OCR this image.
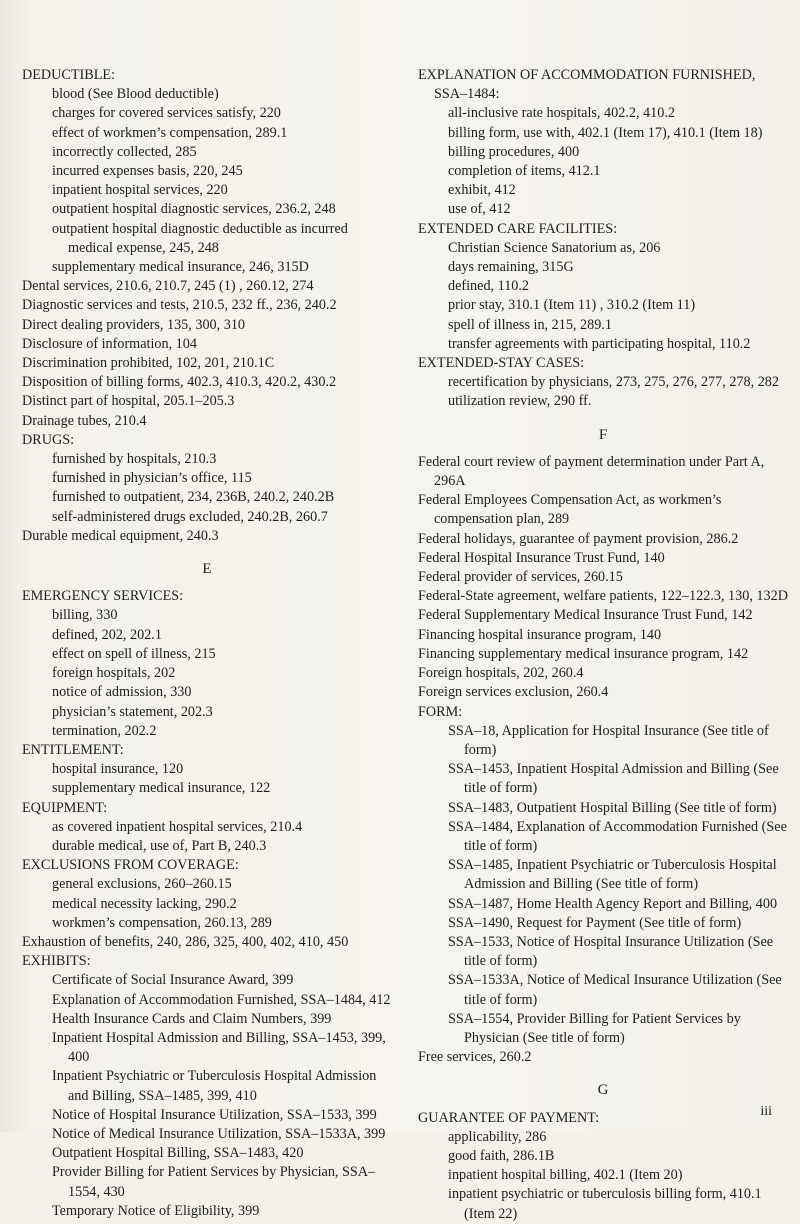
DEDUCTIBLE:
blood (See Blood deductible)
charges for covered services satisfy, 220
effect of workmen’s compensation, 289.1
incorrectly collected, 285
incurred expenses basis, 220, 245
inpatient hospital services, 220
outpatient hospital diagnostic services, 236.2, 248
outpatient hospital diagnostic deductible as incurred medical expense, 245, 248
supplementary medical insurance, 246, 315D
Dental services, 210.6, 210.7, 245 (1) , 260.12, 274
Diagnostic services and tests, 210.5, 232 ff., 236, 240.2
Direct dealing providers, 135, 300, 310
Disclosure of information, 104
Discrimination prohibited, 102, 201, 210.1C
Disposition of billing forms, 402.3, 410.3, 420.2, 430.2
Distinct part of hospital, 205.1–205.3
Drainage tubes, 210.4
DRUGS:
furnished by hospitals, 210.3
furnished in physician’s office, 115
furnished to outpatient, 234, 236B, 240.2, 240.2B
self-administered drugs excluded, 240.2B, 260.7
Durable medical equipment, 240.3
E
EMERGENCY SERVICES:
billing, 330
defined, 202, 202.1
effect on spell of illness, 215
foreign hospitals, 202
notice of admission, 330
physician’s statement, 202.3
termination, 202.2
ENTITLEMENT:
hospital insurance, 120
supplementary medical insurance, 122
EQUIPMENT:
as covered inpatient hospital services, 210.4
durable medical, use of, Part B, 240.3
EXCLUSIONS FROM COVERAGE:
general exclusions, 260–260.15
medical necessity lacking, 290.2
workmen’s compensation, 260.13, 289
Exhaustion of benefits, 240, 286, 325, 400, 402, 410, 450
EXHIBITS:
Certificate of Social Insurance Award, 399
Explanation of Accommodation Furnished, SSA–1484, 412
Health Insurance Cards and Claim Numbers, 399
Inpatient Hospital Admission and Billing, SSA–1453, 399, 400
Inpatient Psychiatric or Tuberculosis Hospital Admission and Billing, SSA–1485, 399, 410
Notice of Hospital Insurance Utilization, SSA–1533, 399
Notice of Medical Insurance Utilization, SSA–1533A, 399
Outpatient Hospital Billing, SSA–1483, 420
Provider Billing for Patient Services by Physician, SSA–1554, 430
Temporary Notice of Eligibility, 399
EXPLANATION OF ACCOMMODATION FURNISHED, SSA–1484:
all-inclusive rate hospitals, 402.2, 410.2
billing form, use with, 402.1 (Item 17), 410.1 (Item 18)
billing procedures, 400
completion of items, 412.1
exhibit, 412
use of, 412
EXTENDED CARE FACILITIES:
Christian Science Sanatorium as, 206
days remaining, 315G
defined, 110.2
prior stay, 310.1 (Item 11) , 310.2 (Item 11)
spell of illness in, 215, 289.1
transfer agreements with participating hospital, 110.2
EXTENDED-STAY CASES:
recertification by physicians, 273, 275, 276, 277, 278, 282
utilization review, 290 ff.
F
Federal court review of payment determination under Part A, 296A
Federal Employees Compensation Act, as workmen’s compensation plan, 289
Federal holidays, guarantee of payment provision, 286.2
Federal Hospital Insurance Trust Fund, 140
Federal provider of services, 260.15
Federal-State agreement, welfare patients, 122–122.3, 130, 132D
Federal Supplementary Medical Insurance Trust Fund, 142
Financing hospital insurance program, 140
Financing supplementary medical insurance program, 142
Foreign hospitals, 202, 260.4
Foreign services exclusion, 260.4
FORM:
SSA–18, Application for Hospital Insurance (See title of form)
SSA–1453, Inpatient Hospital Admission and Billing (See title of form)
SSA–1483, Outpatient Hospital Billing (See title of form)
SSA–1484, Explanation of Accommodation Furnished (See title of form)
SSA–1485, Inpatient Psychiatric or Tuberculosis Hospital Admission and Billing (See title of form)
SSA–1487, Home Health Agency Report and Billing, 400
SSA–1490, Request for Payment (See title of form)
SSA–1533, Notice of Hospital Insurance Utilization (See title of form)
SSA–1533A, Notice of Medical Insurance Utilization (See title of form)
SSA–1554, Provider Billing for Patient Services by Physician (See title of form)
Free services, 260.2
G
GUARANTEE OF PAYMENT:
applicability, 286
good faith, 286.1B
inpatient hospital billing, 402.1 (Item 20)
inpatient psychiatric or tuberculosis billing form, 410.1 (Item 22)
iii
